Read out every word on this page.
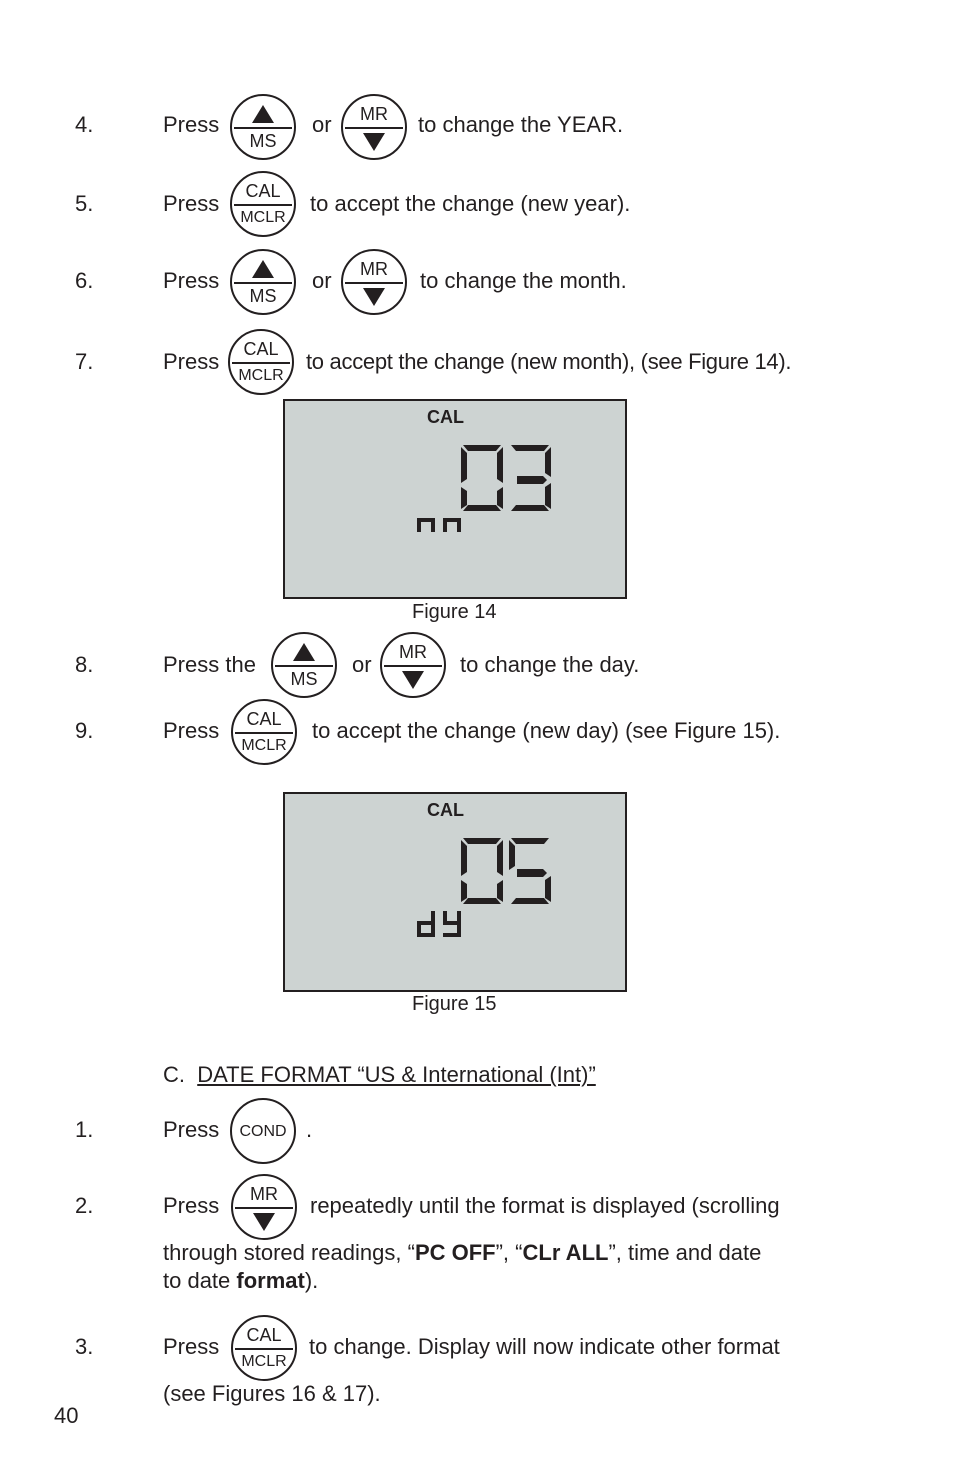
4.	Press
MS
or	MR	to change the YEAR.
5.	Press	CAL
MCLR
to accept the change (new year).
6.	Press
MS
or	MR	to change the month.
7.	Press	CAL
MCLR
to accept the change (new month), (see Figure 14).
CAL
Figure 14
8.	Press the
MS
or	MR	to change the day.
9.	Press	CAL
MCLR
to accept the change (new day) (see Figure 15).
CAL
Figure 15
C. DATE FORMAT “US & International (Int)”
1.	Press	COND .
2.	Press	MR	repeatedly until the format is displayed (scrolling
through stored readings, “PC OFF”, “CLr ALL”, time and date
to date format).
3.	Press	CAL
MCLR
to change. Display will now indicate other format
(see Figures 16 & 17).
40
